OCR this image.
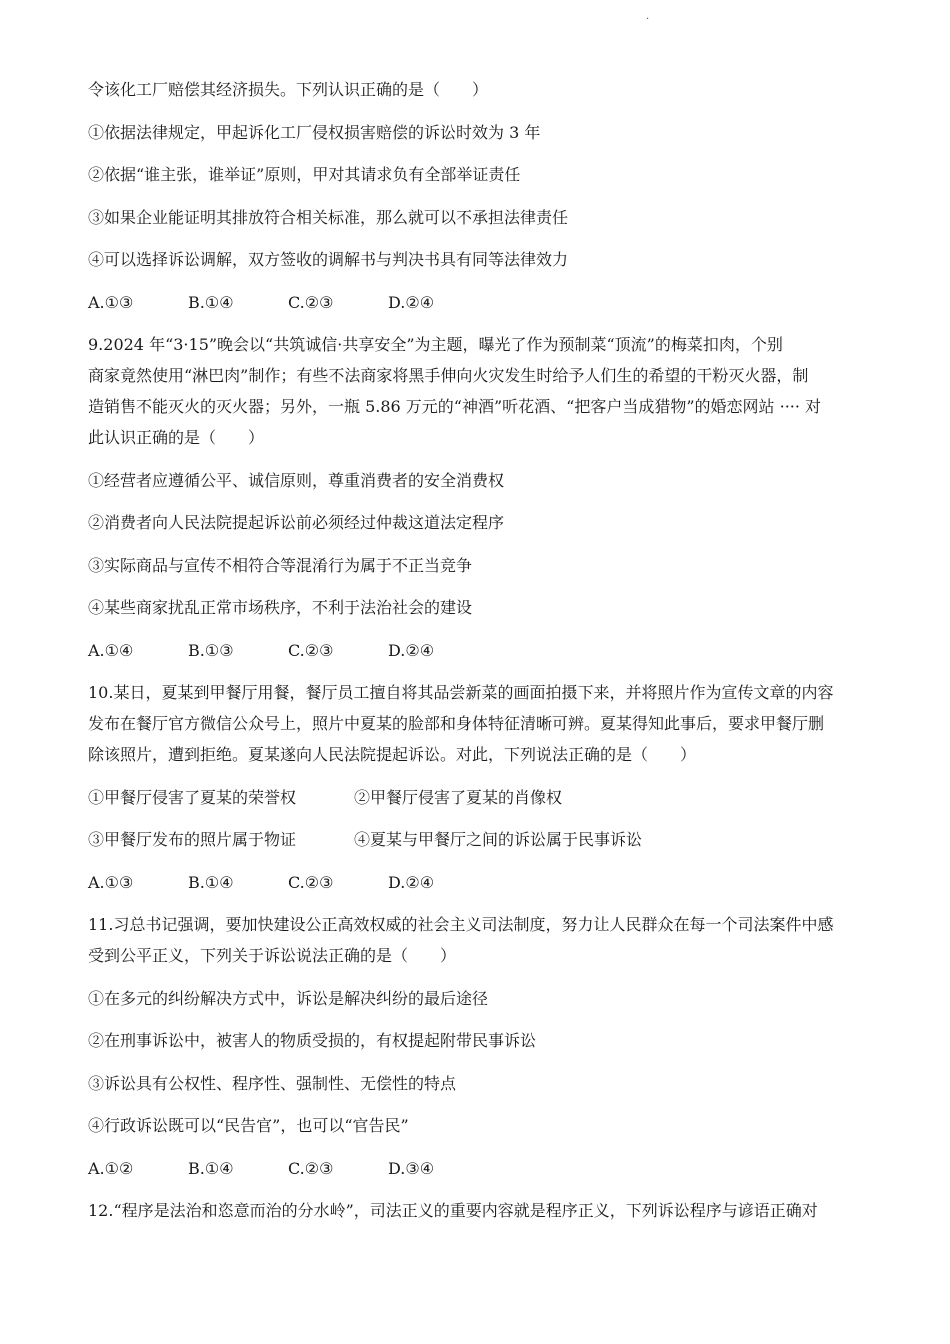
·
令该化工厂赔偿其经济损失。下列认识正确的是（　　）
①依据法律规定，甲起诉化工厂侵权损害赔偿的诉讼时效为 3 年
②依据“谁主张，谁举证”原则，甲对其请求负有全部举证责任
③如果企业能证明其排放符合相关标准，那么就可以不承担法律责任
④可以选择诉讼调解，双方签收的调解书与判决书具有同等法律效力
A.①③	B.①④	C.②③	D.②④
9.2024 年“3·15”晚会以“共筑诚信·共享安全”为主题，曝光了作为预制菜“顶流”的梅菜扣肉，个别
商家竟然使用“淋巴肉”制作；有些不法商家将黑手伸向火灾发生时给予人们生的希望的干粉灭火器，制
造销售不能灭火的灭火器；另外，一瓶 5.86 万元的“神酒”听花酒、“把客户当成猎物”的婚恋网站 ···· 对
此认识正确的是（　　）
①经营者应遵循公平、诚信原则，尊重消费者的安全消费权
②消费者向人民法院提起诉讼前必须经过仲裁这道法定程序
③实际商品与宣传不相符合等混淆行为属于不正当竞争
④某些商家扰乱正常市场秩序，不利于法治社会的建设
A.①④	B.①③	C.②③	D.②④
10.某日，夏某到甲餐厅用餐，餐厅员工擅自将其品尝新菜的画面拍摄下来，并将照片作为宣传文章的内容
发布在餐厅官方微信公众号上，照片中夏某的脸部和身体特征清晰可辨。夏某得知此事后，要求甲餐厅删
除该照片，遭到拒绝。夏某遂向人民法院提起诉讼。对此，下列说法正确的是（　　）
①甲餐厅侵害了夏某的荣誉权	②甲餐厅侵害了夏某的肖像权
③甲餐厅发布的照片属于物证	④夏某与甲餐厅之间的诉讼属于民事诉讼
A.①③	B.①④	C.②③	D.②④
11.习总书记强调，要加快建设公正高效权威的社会主义司法制度，努力让人民群众在每一个司法案件中感
受到公平正义，下列关于诉讼说法正确的是（　　）
①在多元的纠纷解决方式中，诉讼是解决纠纷的最后途径
②在刑事诉讼中，被害人的物质受损的，有权提起附带民事诉讼
③诉讼具有公权性、程序性、强制性、无偿性的特点
④行政诉讼既可以“民告官”，也可以“官告民”
A.①②	B.①④	C.②③	D.③④
12.“程序是法治和恣意而治的分水岭”，司法正义的重要内容就是程序正义，下列诉讼程序与谚语正确对
